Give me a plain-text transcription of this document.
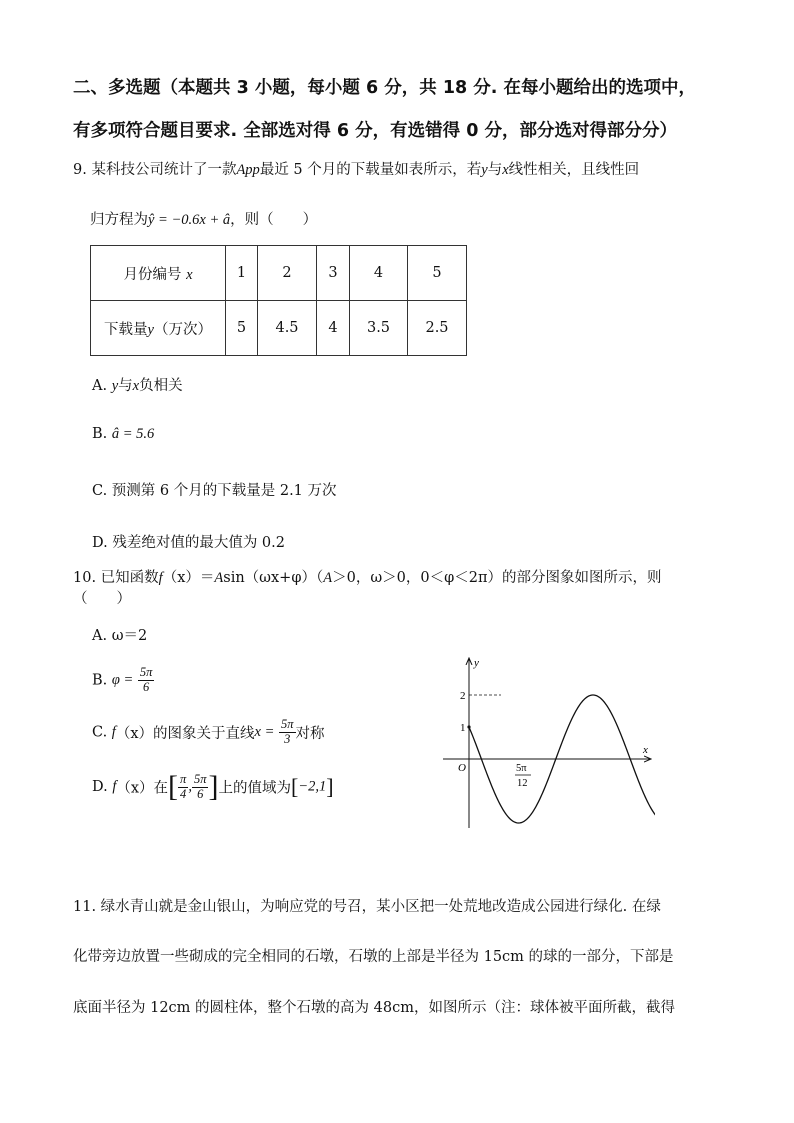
二、多选题（本题共 3 小题，每小题 6 分，共 18 分. 在每小题给出的选项中，
有多项符合题目要求. 全部选对得 6 分，有选错得 0 分，部分选对得部分分）
9. 某科技公司统计了一款App最近 5 个月的下载量如表所示，若y与x线性相关，且线性回
归方程为ŷ = −0.6x + â，则（　　）
月份编号 x	1	2	3	4	5
下载量y（万次）	5	4.5	4	3.5	2.5
A. y与x负相关
B. â = 5.6
C. 预测第 6 个月的下载量是 2.1 万次
D. 残差绝对值的最大值为 0.2
10. 已知函数f（x）＝Asin（ωx+φ）（A＞0，ω＞0，0＜φ＜2π）的部分图象如图所示，则
（　　）
A. ω＝2
B. $\varphi = \frac{5\pi}{6}$
C. f（x）的图象关于直线$x = \frac{5\pi}{3}$ 对称
D. f（x）在[ $\frac{\pi}{4}$ , $\frac{5\pi}{6}$ ]上的值域为[−2,1]
y
x
O
2
1
5π
12
11. 绿水青山就是金山银山，为响应党的号召，某小区把一处荒地改造成公园进行绿化. 在绿
化带旁边放置一些砌成的完全相同的石墩，石墩的上部是半径为 15cm 的球的一部分，下部是
底面半径为 12cm 的圆柱体，整个石墩的高为 48cm，如图所示（注：球体被平面所截，截得
